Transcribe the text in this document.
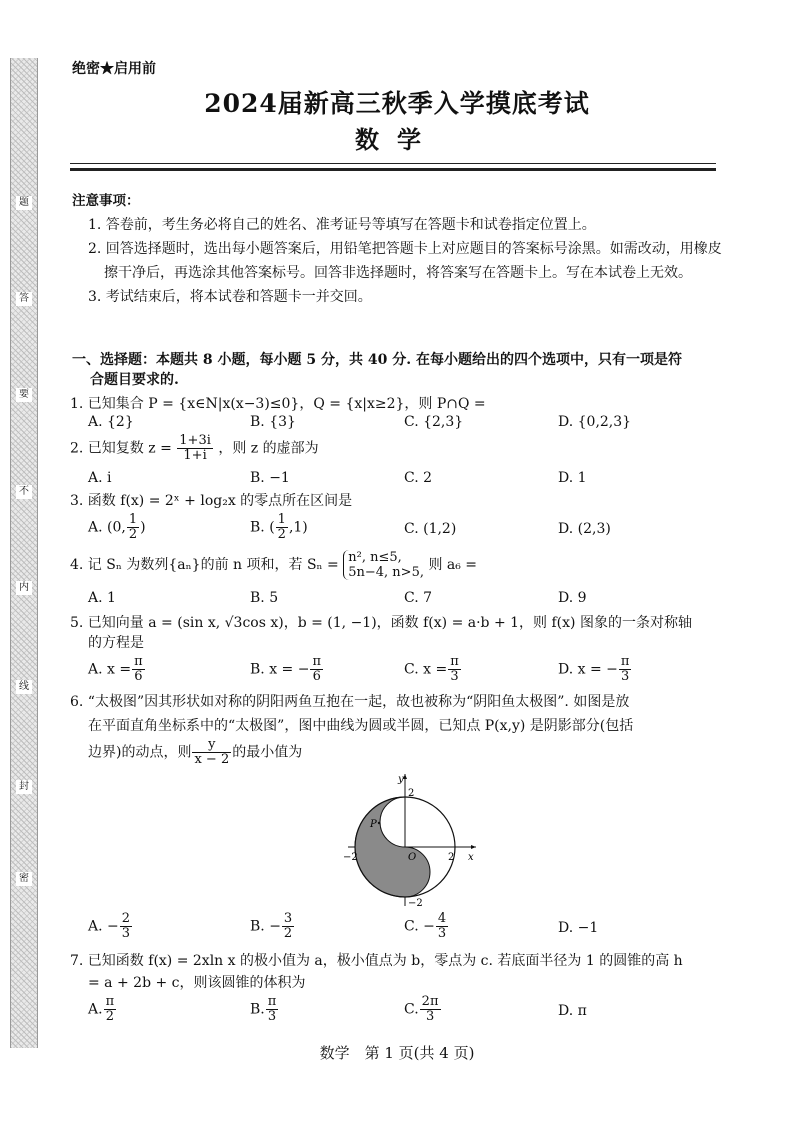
题
答
要
不
内
线
封
密
绝密★启用前
2024届新高三秋季入学摸底考试
数学
注意事项：
1. 答卷前，考生务必将自己的姓名、准考证号等填写在答题卡和试卷指定位置上。
2. 回答选择题时，选出每小题答案后，用铅笔把答题卡上对应题目的答案标号涂黑。如需改动，用橡皮擦干净后，再选涂其他答案标号。回答非选择题时，将答案写在答题卡上。写在本试卷上无效。
3. 考试结束后，将本试卷和答题卡一并交回。
一、选择题：本题共 8 小题，每小题 5 分，共 40 分. 在每小题给出的四个选项中，只有一项是符
合题目要求的.
1. 已知集合 P = {x∈N|x(x−3)≤0}，Q = {x|x≥2}，则 P∩Q =
A. {2}	B. {3}	C. {2,3}	D. {0,2,3}
2. 已知复数 $z = \frac{1+3i}{1+i}$ ，则 z 的虚部为
A. i	B. −1	C. 2	D. 1
3. 函数 f(x) = 2ˣ + log₂x 的零点所在区间是
A. (0, $\frac{1}{2}$ )	B. ( $\frac{1}{2} ,1$)	C. (1,2)	D. (2,3)
4. 记 Sₙ 为数列{aₙ}的前 n 项和，若 Sₙ = n², n≤5,
5n−4, n>5, 则 a₆ =
A. 1	B. 5	C. 7	D. 9
5. 已知向量 a = (sin x, √3cos x)，b = (1, −1)，函数 f(x) = a·b + 1，则 f(x) 图象的一条对称轴
的方程是
A. $x = \frac{\pi}{6}$	B. x = − $\frac{\pi}{6}$	C. $x = \frac{\pi}{3}$	D. x = − $\frac{\pi}{3}$
6. “太极图”因其形状如对称的阴阳两鱼互抱在一起，故也被称为“阴阳鱼太极图”. 如图是放
在平面直角坐标系中的“太极图”，图中曲线为圆或半圆，已知点 P(x,y) 是阴影部分(包括
边界)的动点，则 $\frac{y}{x - 2}$ 的最小值为
y
x
O
2
−2
−2	2
P
A. − $\frac{2}{3}$	B. − $\frac{3}{2}$	C. − $\frac{4}{3}$	D. −1
7. 已知函数 f(x) = 2xln x 的极小值为 a，极小值点为 b，零点为 c. 若底面半径为 1 的圆锥的高 h
= a + 2b + c，则该圆锥的体积为
A. $\frac{\pi}{2}$	B. $\frac{\pi}{3}$	C. $\frac{2\pi}{3}$	D. π
数学　第 1 页(共 4 页)
